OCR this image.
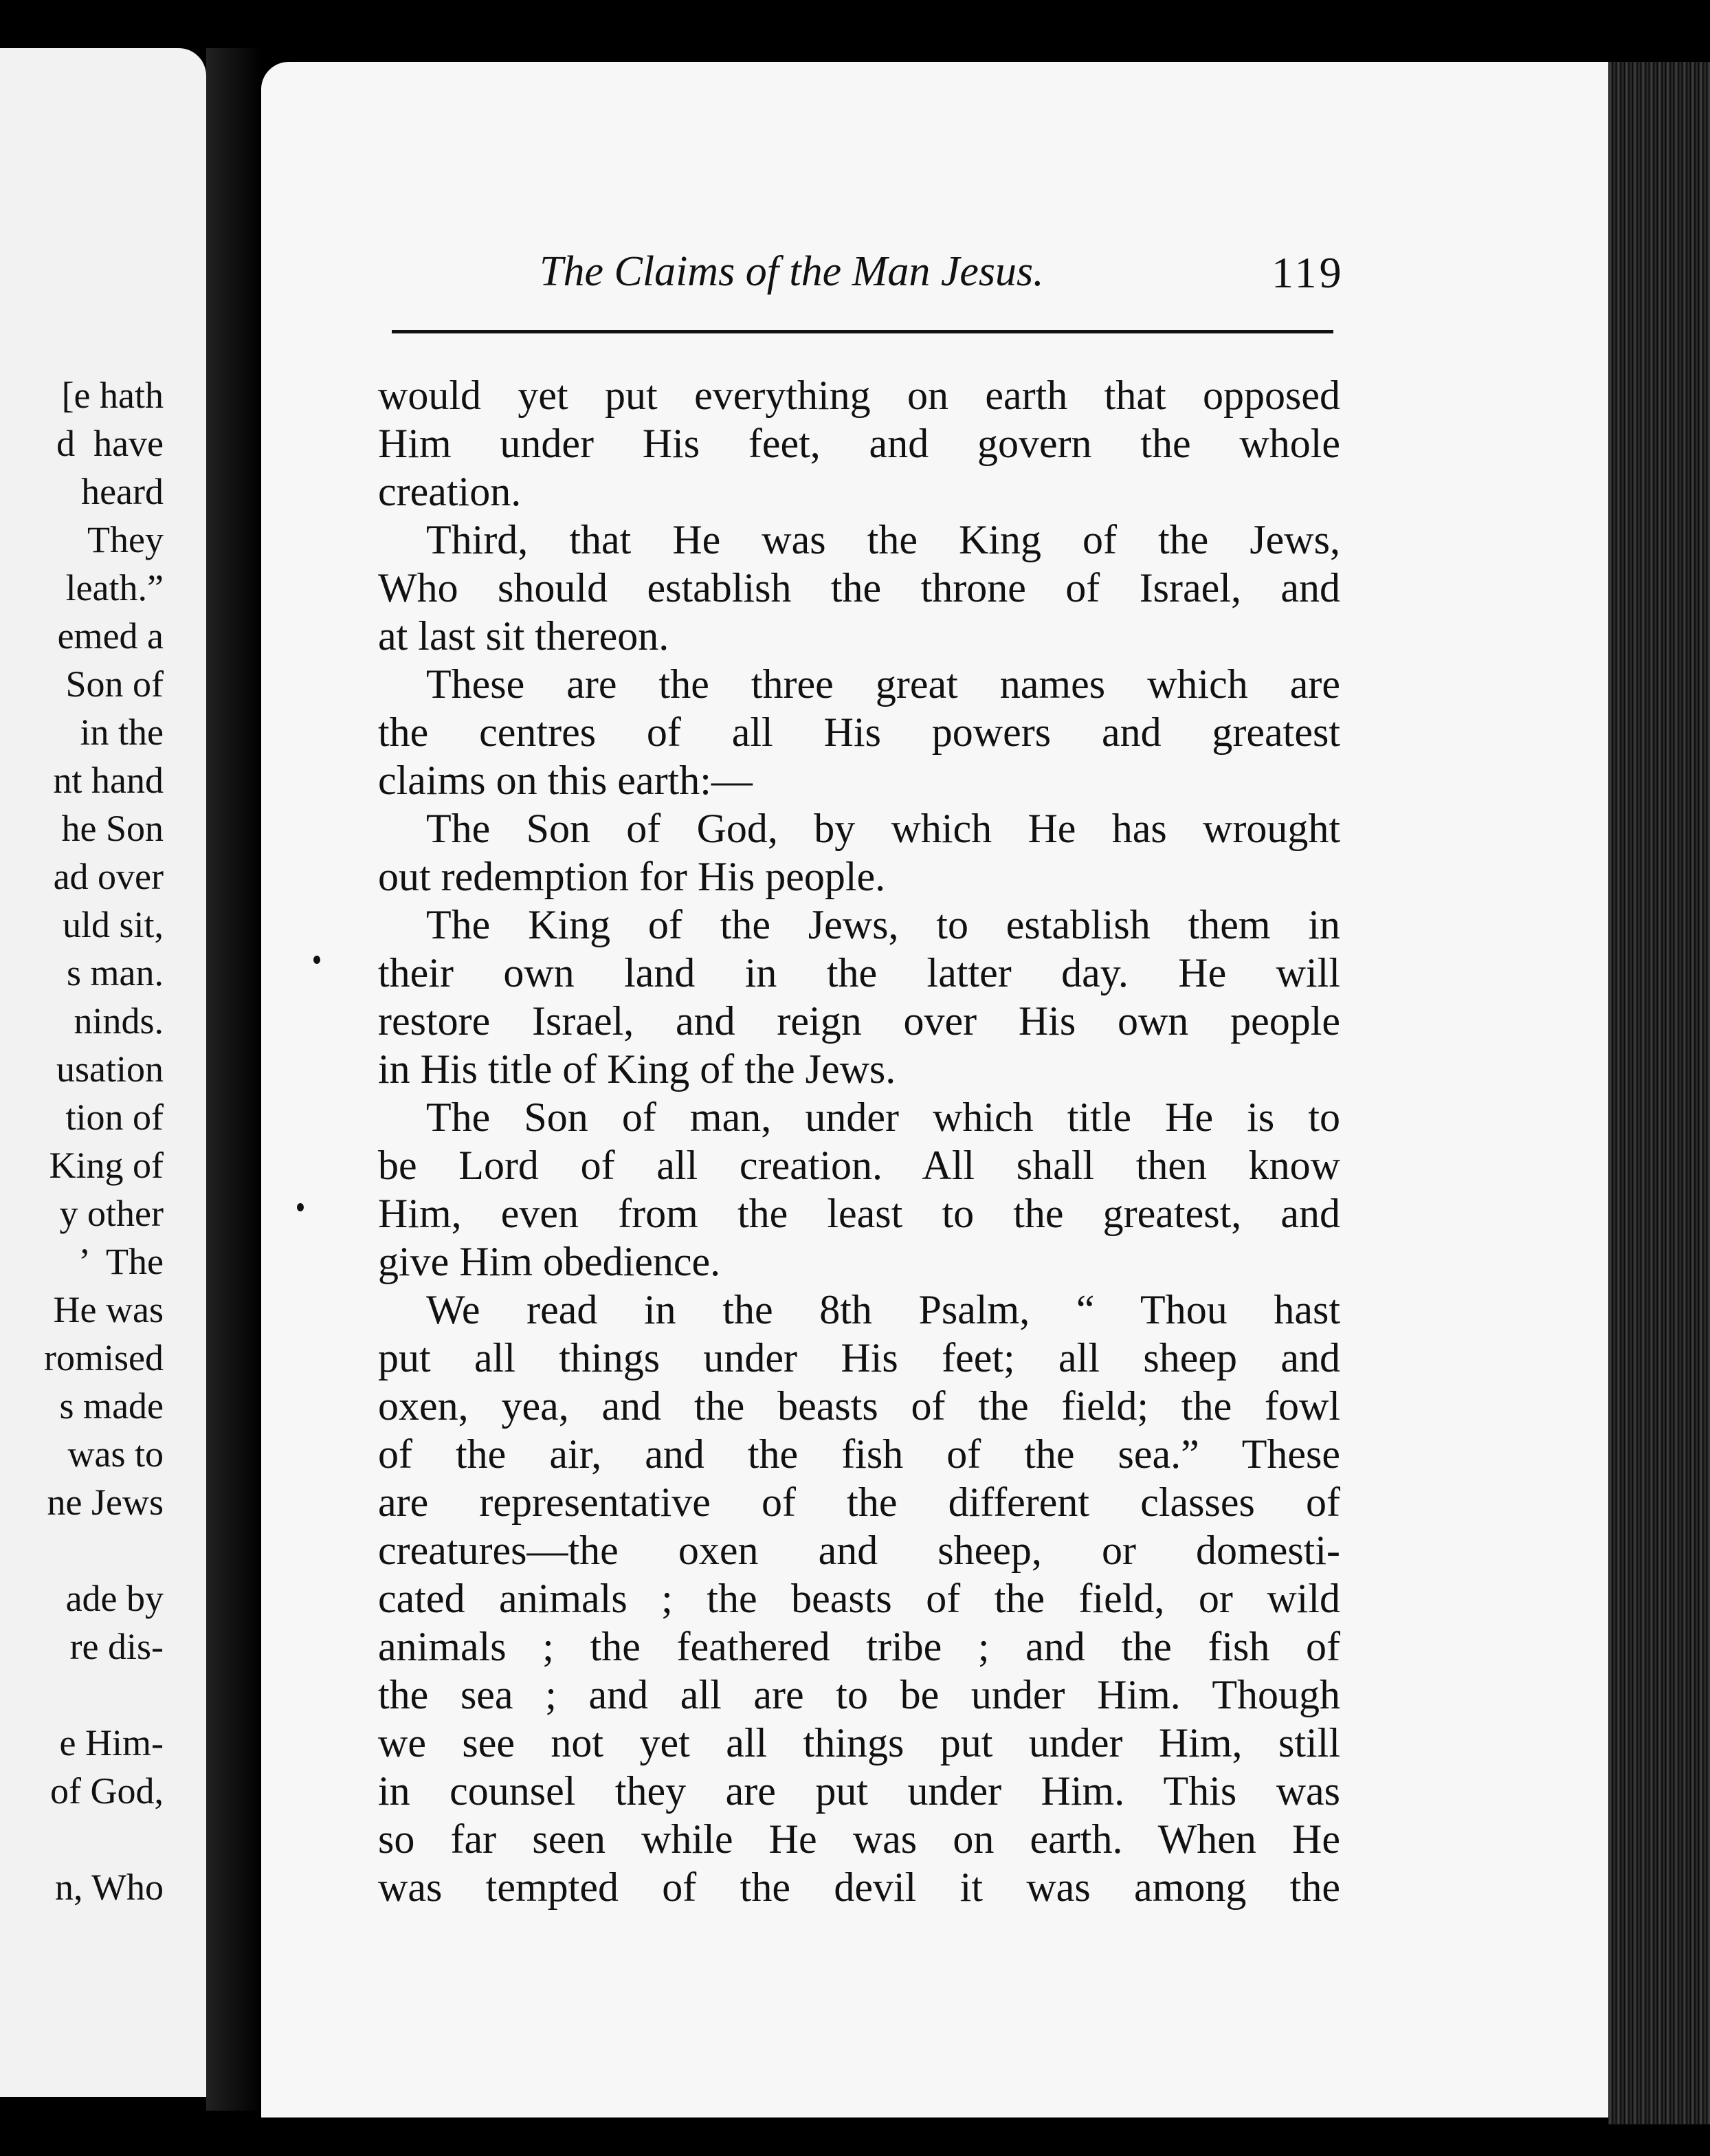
[e hath
d  have
heard
They
leath.”
emed a
Son of
in the
nt hand
he Son
ad over
uld sit,
s man.
ninds.
usation
tion of
King of
y other
’  The
He was
romised
s made
was to
ne Jews
ade by
re dis-
e Him-
of God,
n, Who
The Claims of the Man Jesus.	119
would yet put everything on earth that opposed
Him under His feet, and govern the whole
creation.
Third, that He was the King of the Jews,
Who should establish the throne of Israel, and
at last sit thereon.
These are the three great names which are
the centres of all His powers and greatest
claims on this earth:—
The Son of God, by which He has wrought
out redemption for His people.
The King of the Jews, to establish them in
their own land in the latter day. He will
restore Israel, and reign over His own people
in His title of King of the Jews.
The Son of man, under which title He is to
be Lord of all creation. All shall then know
Him, even from the least to the greatest, and
give Him obedience.
We read in the 8th Psalm, “ Thou hast
put all things under His feet; all sheep and
oxen, yea, and the beasts of the field; the fowl
of the air, and the fish of the sea.” These
are representative of the different classes of
creatures—the oxen and sheep, or domesti-
cated animals ; the beasts of the field, or wild
animals ; the feathered tribe ; and the fish of
the sea ; and all are to be under Him. Though
we see not yet all things put under Him, still
in counsel they are put under Him. This was
so far seen while He was on earth. When He
was tempted of the devil it was among the
